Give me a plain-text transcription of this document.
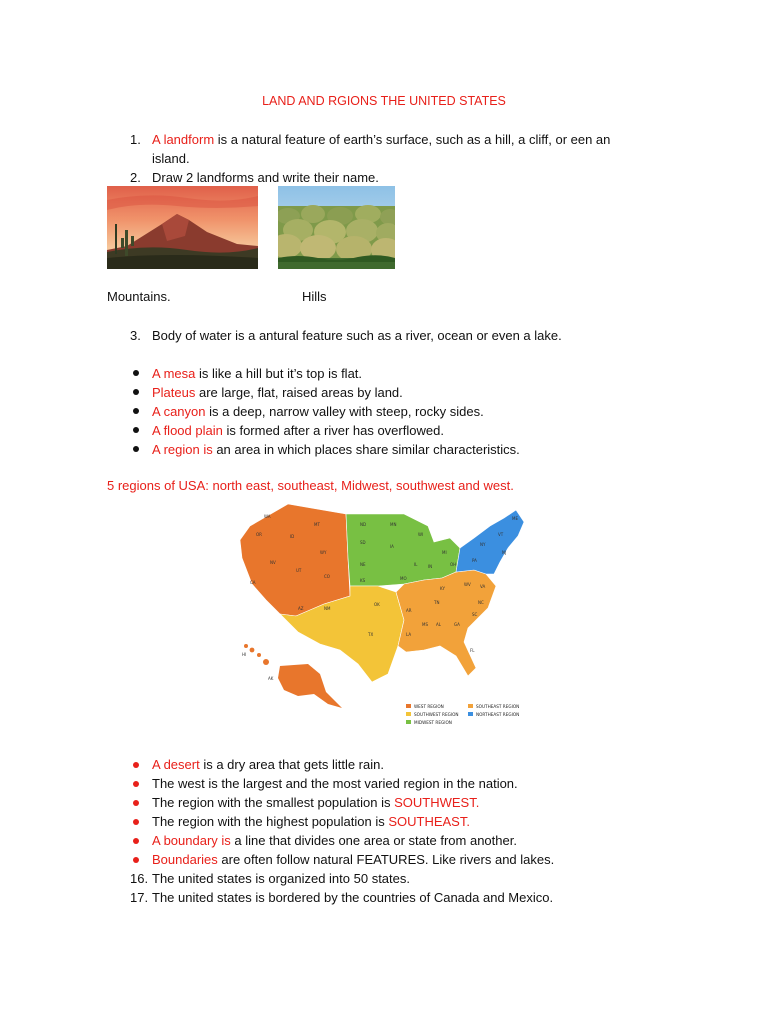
LAND AND RGIONS THE UNITED STATES
1. A landform is a natural feature of earth’s surface, such as a hill, a cliff, or een an
island.
2. Draw 2 landforms and write their name.
Mountains.	Hills
3. Body of water is a antural feature such as a river, ocean or even a lake.
A mesa is like a hill but it’s top is flat.
Plateus are large, flat, raised areas by land.
A canyon is a deep, narrow valley with steep, rocky sides.
A flood plain is formed after a river has overflowed.
A region is an area in which places share similar characteristics.
5 regions of USA: north east, southeast, Midwest, southwest and west.
WA
OR	ID
MT
WY
NV
UT
CA
CO
ND	MN
SD
NE
IA
KS
WI
MO
IL	IN
MI
OH
AZ	NM
OK
TX
AR
LA
MS AL	GA
FL
TN
KY
WV VA
NC
SC
NY
PA
ME
VT
NJ
AK
HI
WEST REGION
SOUTHWEST REGION
MIDWEST REGION
SOUTHEAST REGION
NORTHEAST REGION
A desert is a dry area that gets little rain.
The west is the largest and the most varied region in the nation.
The region with the smallest population is SOUTHWEST.
The region with the highest population is SOUTHEAST.
A boundary is a line that divides one area or state from another.
Boundaries are often follow natural FEATURES. Like rivers and lakes.
16. The united states is organized into 50 states.
17. The united states is bordered by the countries of Canada and Mexico.
